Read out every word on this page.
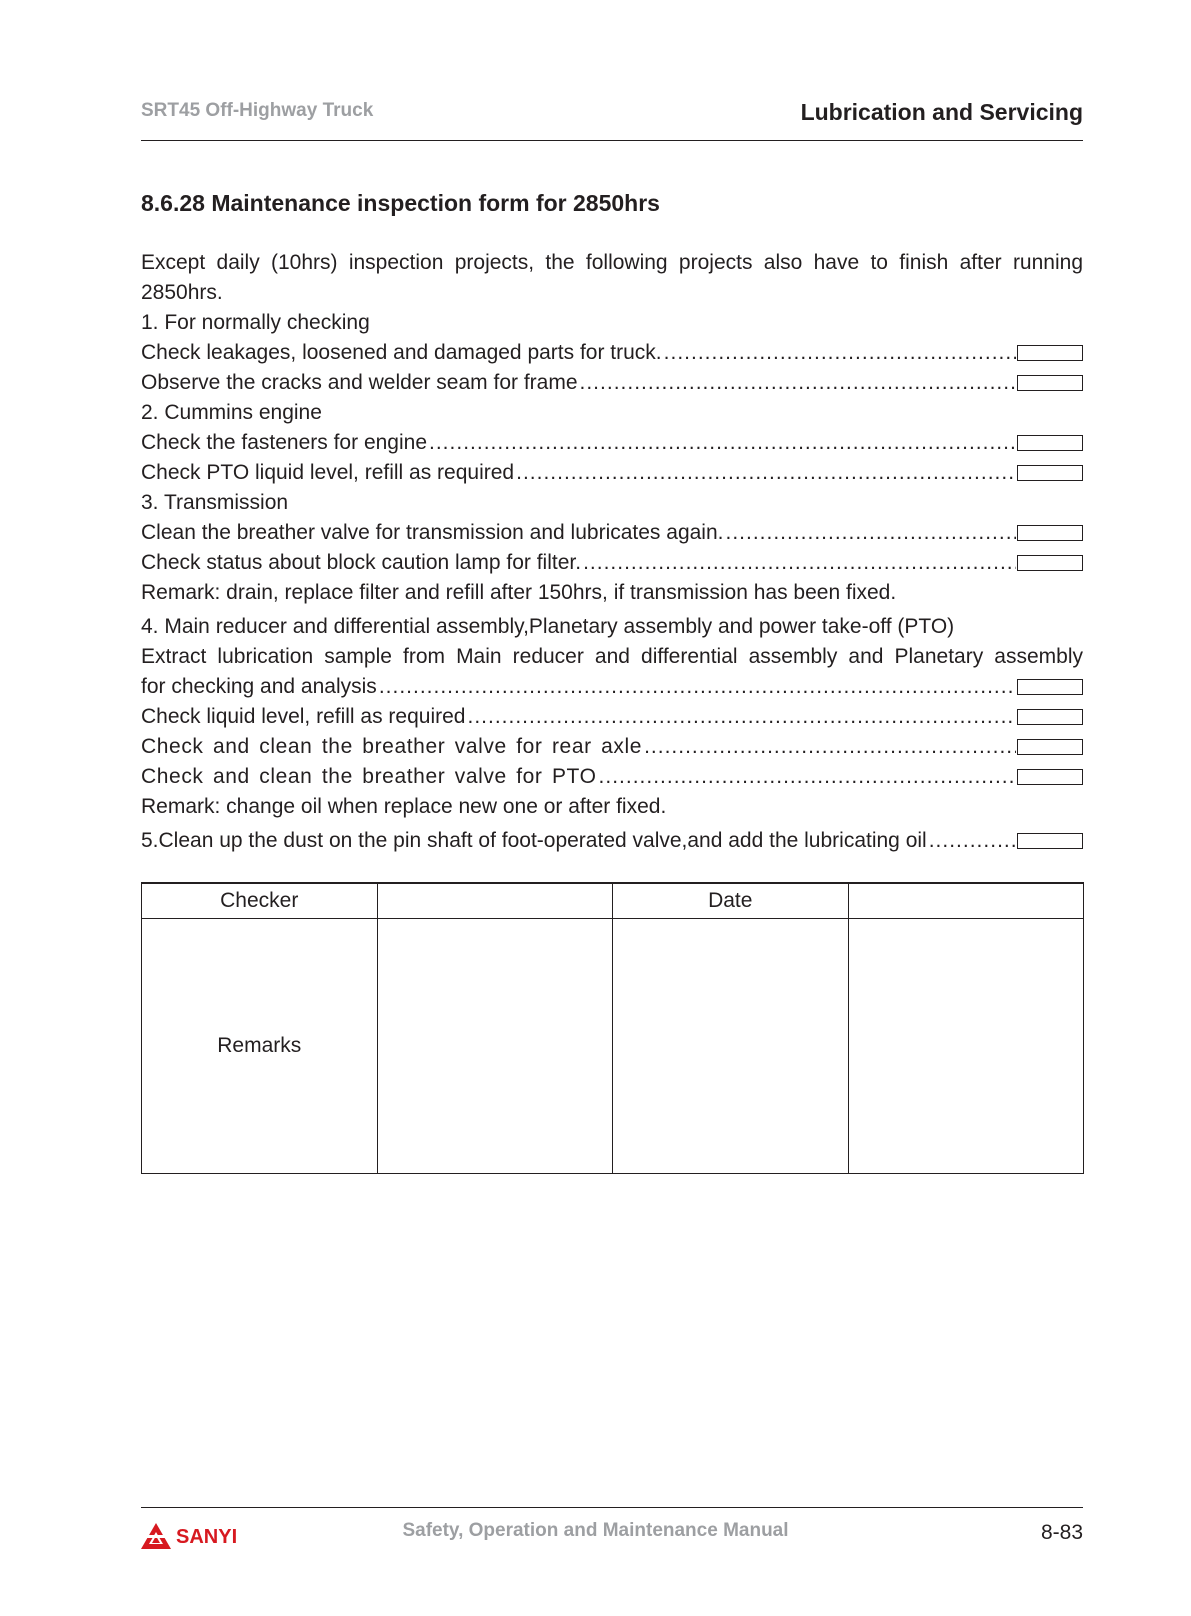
SRT45 Off-Highway Truck	Lubrication and Servicing
8.6.28 Maintenance inspection form for 2850hrs

Except daily (10hrs) inspection projects, the following projects also have to finish after running 2850hrs.

1. For normally checking
Check leakages, loosened and damaged parts for truck.
.....
Observe the cracks and welder seam for frame
.....
2. Cummins engine
Check the fasteners for engine
.....
Check PTO liquid level, refill as required
.....
3. Transmission
Clean the breather valve for transmission and lubricates again.
.....
Check status about block caution lamp for filter.
.....
Remark: drain, replace filter and refill after 150hrs, if transmission has been fixed.
4. Main reducer and differential assembly,Planetary assembly and power take-off (PTO)
Extract lubrication sample from Main reducer and differential assembly and Planetary assembly
for checking and analysis
.....
Check liquid level, refill as required
.....
Check and clean the breather valve for rear axle
.....
Check and clean the breather valve for PTO
.....
Remark: change oil when replace new one or after fixed.
5.Clean up the dust on the pin shaft of foot-operated valve,and add the lubricating oil
.....
Checker		Date	
Remarks			
SANYI	Safety, Operation and Maintenance Manual	8-83
